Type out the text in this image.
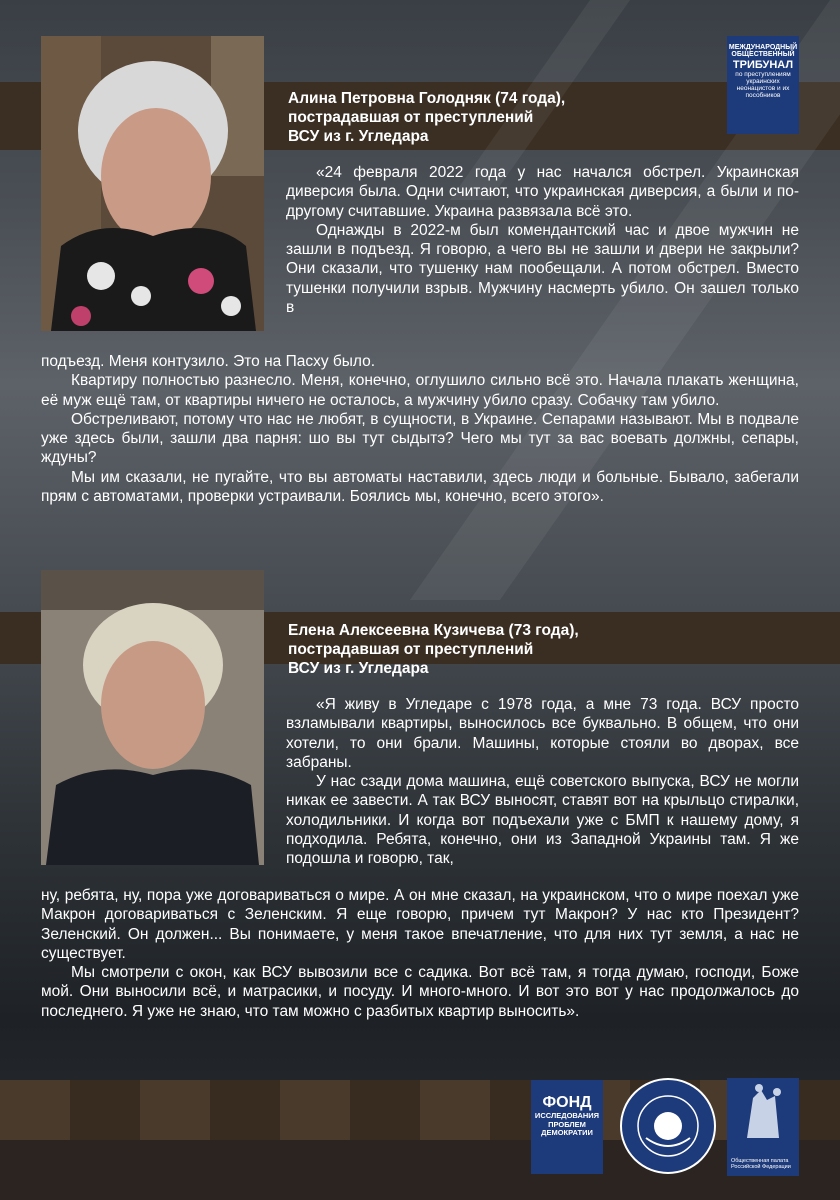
МЕЖДУНАРОДНЫЙ ОБЩЕСТВЕННЫЙ
ТРИБУНАЛ
по преступлениям украинских неонацистов и их пособников
Алина Петровна Голодняк (74 года),
пострадавшая от преступлений
ВСУ из г. Угледара

«24 февраля 2022 года у нас начался обстрел. Украинская диверсия была. Одни считают, что украинская диверсия, а были и по-другому считавшие. Украина развязала всё это.

Однажды в 2022-м был комендантский час и двое мужчин не зашли в подъезд. Я говорю, а чего вы не зашли и двери не закрыли? Они сказали, что тушенку нам пообещали. А потом обстрел. Вместо тушенки получили взрыв. Мужчину насмерть убило. Он зашел только в

подъезд. Меня контузило. Это на Пасху было.

Квартиру полностью разнесло. Меня, конечно, оглушило сильно всё это. Начала плакать женщина, её муж ещё там, от квартиры ничего не осталось, а мужчину убило сразу. Собачку там убило.

Обстреливают, потому что нас не любят, в сущности, в Украине. Сепарами называют. Мы в подвале уже здесь были, зашли два парня: шо вы тут сыдытэ? Чего мы тут за вас воевать должны, сепары, ждуны?

Мы им сказали, не пугайте, что вы автоматы наставили, здесь люди и больные. Бывало, забегали прям с автоматами, проверки устраивали. Боялись мы, конечно, всего этого».

Елена Алексеевна Кузичева (73 года),
пострадавшая от преступлений
ВСУ из г. Угледара

«Я живу в Угледаре с 1978 года, а мне 73 года. ВСУ просто взламывали квартиры, выносилось все буквально. В общем, что они хотели, то они брали. Машины, которые стояли во дворах, все забраны.

У нас сзади дома машина, ещё советского выпуска, ВСУ не могли никак ее завести. А так ВСУ выносят, ставят вот на крыльцо стиралки, холодильники. И когда вот подъехали уже с БМП к нашему дому, я подходила. Ребята, конечно, они из Западной Украины там. Я же подошла и говорю, так,

ну, ребята, ну, пора уже договариваться о мире. А он мне сказал, на украинском, что о мире поехал уже Макрон договариваться с Зеленским. Я еще говорю, причем тут Макрон? У нас кто Президент? Зеленский. Он должен... Вы понимаете, у меня такое впечатление, что для них тут земля, а нас не существует.

Мы смотрели с окон, как ВСУ вывозили все с садика. Вот всё там, я тогда думаю, господи, Боже мой. Они выносили всё, и матрасики, и посуду. И много-много. И вот это вот у нас продолжалось до последнего. Я уже не знаю, что там можно с разбитых квартир выносить».

ФОНД
ИССЛЕДОВАНИЯ ПРОБЛЕМ ДЕМОКРАТИИ
Общественная палата Российской Федерации
